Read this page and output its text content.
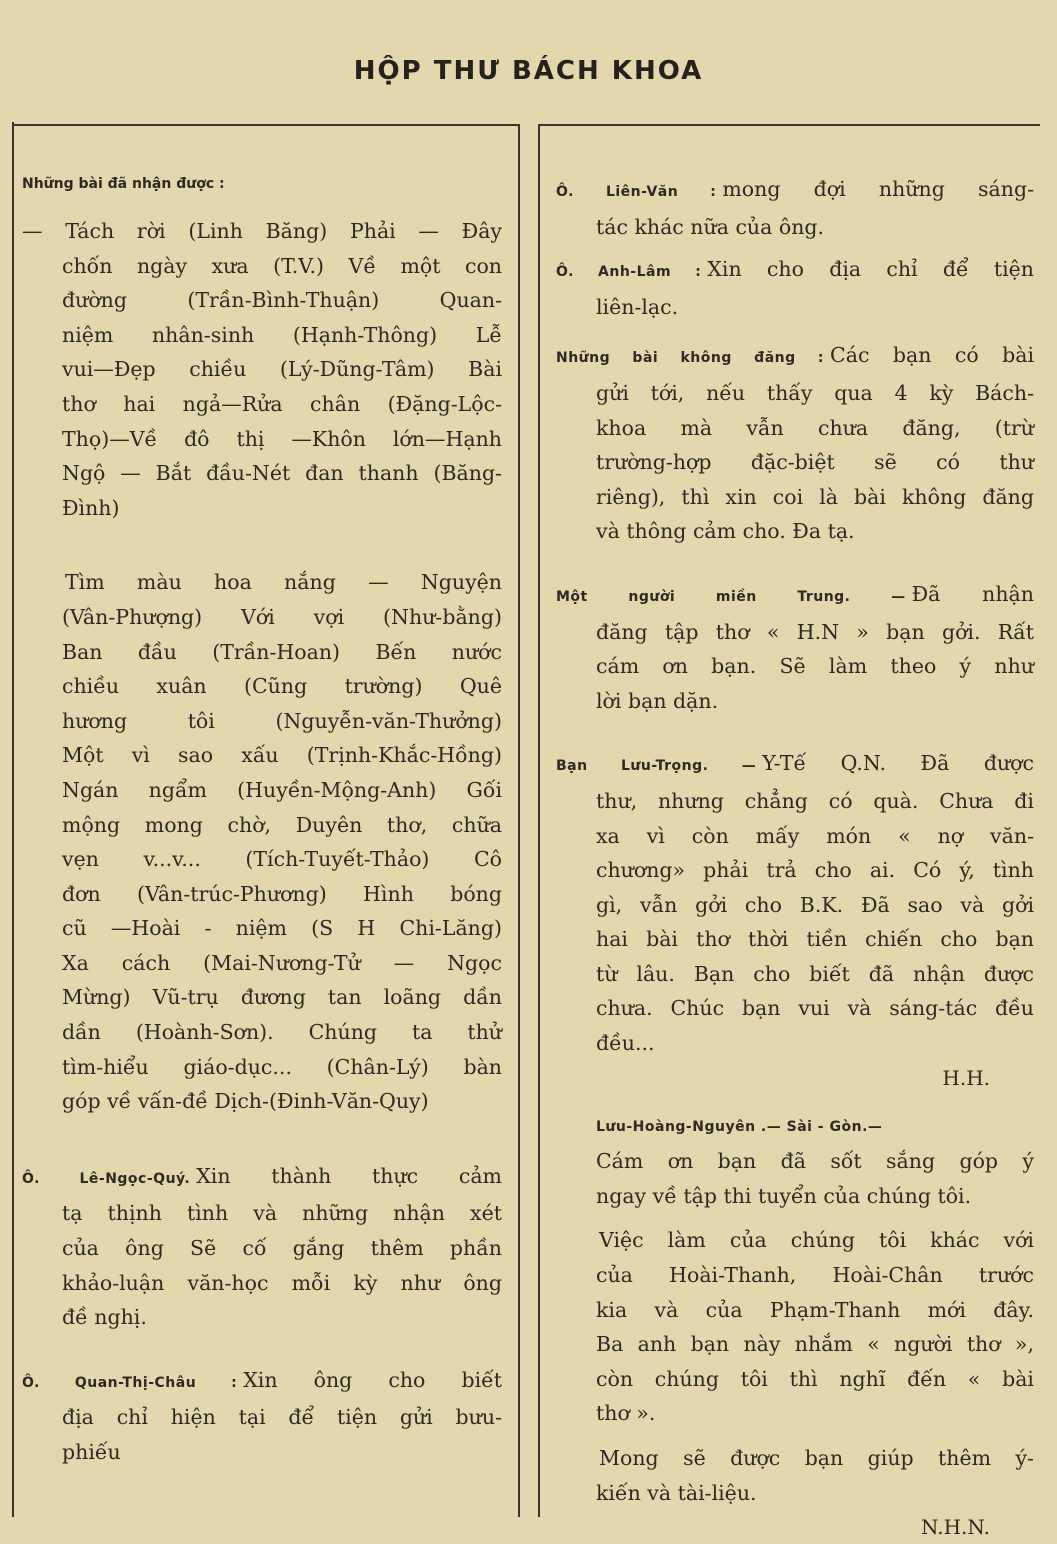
HỘP THƯ BÁCH KHOA
Những bài đã nhận được :
— Tách rời (Linh Băng) Phải — Đây
chốn ngày xưa (T.V.) Về một con
đường (Trần-Bình-Thuận) Quan-
niệm nhân-sinh (Hạnh-Thông) Lễ
vui—Đẹp chiều (Lý-Dũng-Tâm) Bài
thơ hai ngả—Rửa chân (Đặng-Lộc-
Thọ)—Về đô thị —Khôn lớn—Hạnh
Ngộ — Bắt đầu-Nét đan thanh (Băng-
Đình)
Tìm màu hoa nắng — Nguyện
(Vân-Phượng) Với vợi (Như-bằng)
Ban đầu (Trần-Hoan) Bến nước
chiều xuân (Cũng trường) Quê
hương tôi (Nguyễn-văn-Thưởng)
Một vì sao xấu (Trịnh-Khắc-Hồng)
Ngán ngẩm (Huyền-Mộng-Anh) Gối
mộng mong chờ, Duyên thơ, chữa
vẹn v...v... (Tích-Tuyết-Thảo) Cô
đơn (Vân-trúc-Phương) Hình bóng
cũ —Hoài - niệm (S H Chi-Lăng)
Xa cách (Mai-Nương-Tử — Ngọc
Mừng) Vũ-trụ đương tan loãng dần
dần (Hoành-Sơn). Chúng ta thử
tìm-hiểu giáo-dục... (Chân-Lý) bàn
góp về vấn-đề Dịch-(Đinh-Văn-Quy)
Ô. Lê-Ngọc-Quý. Xin thành thực cảm
tạ thịnh tình và những nhận xét
của ông Sẽ cố gắng thêm phần
khảo-luận văn-học mỗi kỳ như ông
đề nghị.
Ô. Quan-Thị-Châu : Xin ông cho biết
địa chỉ hiện tại để tiện gửi bưu-
phiếu
Ô. Liên-Văn : mong đợi những sáng-
tác khác nữa của ông.
Ô. Anh-Lâm : Xin cho địa chỉ để tiện
liên-lạc.
Những bài không đăng : Các bạn có bài
gửi tới, nếu thấy qua 4 kỳ Bách-
khoa mà vẫn chưa đăng, (trừ
trường-hợp đặc-biệt sẽ có thư
riêng), thì xin coi là bài không đăng
và thông cảm cho. Đa tạ.
Một người miền Trung. — Đã nhận
đăng tập thơ « H.N » bạn gởi. Rất
cám ơn bạn. Sẽ làm theo ý như
lời bạn dặn.
Bạn Lưu-Trọng. — Y-Tế Q.N. Đã được
thư, nhưng chẳng có quà. Chưa đi
xa vì còn mấy món « nợ văn-
chương» phải trả cho ai. Có ý, tình
gì, vẫn gởi cho B.K. Đã sao và gởi
hai bài thơ thời tiền chiến cho bạn
từ lâu. Bạn cho biết đã nhận được
chưa. Chúc bạn vui và sáng-tác đều
đều...
H.H.
Lưu-Hoàng-Nguyên .— Sài - Gòn.—
Cám ơn bạn đã sốt sắng góp ý
ngay về tập thi tuyển của chúng tôi.
Việc làm của chúng tôi khác với
của Hoài-Thanh, Hoài-Chân trước
kia và của Phạm-Thanh mới đây.
Ba anh bạn này nhắm « người thơ »,
còn chúng tôi thì nghĩ đến « bài
thơ ».
Mong sẽ được bạn giúp thêm ý-
kiến và tài-liệu.
N.H.N.
